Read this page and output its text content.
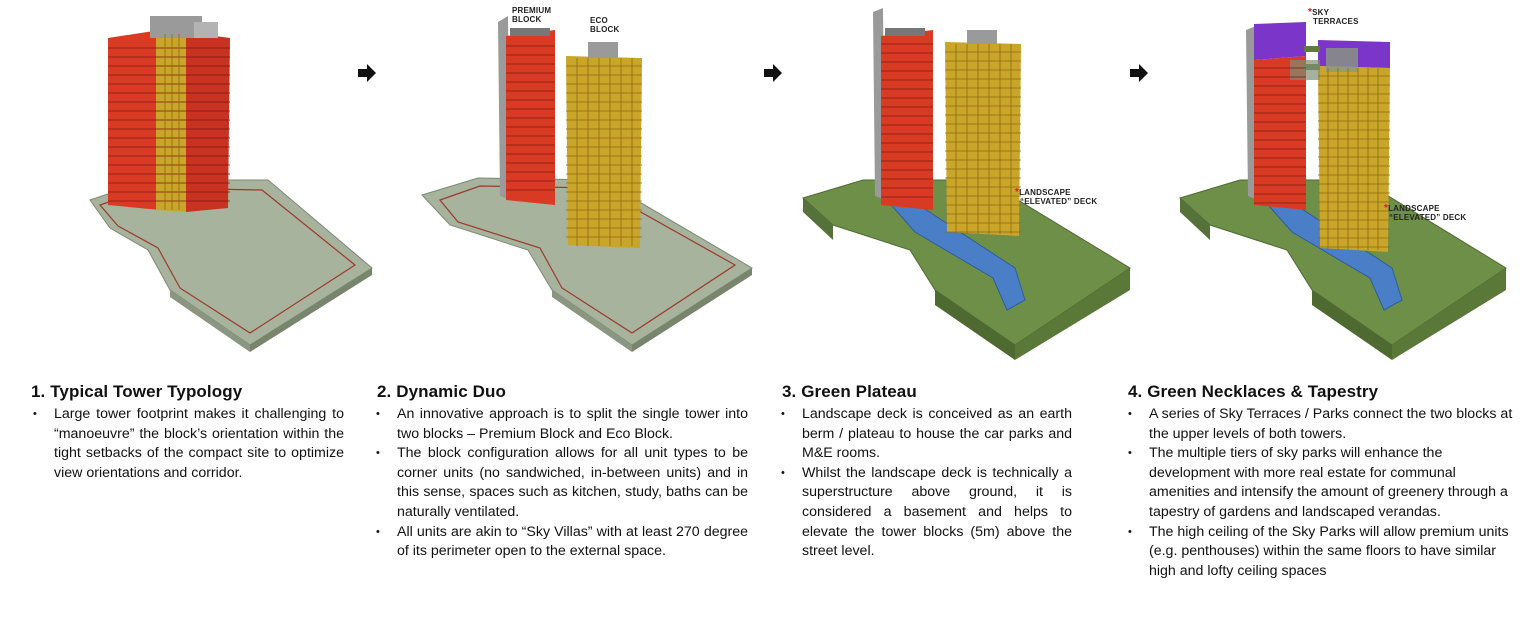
1. Typical Tower Typology
• Large tower footprint makes it challenging to “manoeuvre” the block’s orientation within the tight setbacks of the compact site to optimize view orientations and corridor.
PREMIUM
BLOCK	ECO
BLOCK
2. Dynamic Duo
• An innovative approach is to split the single tower into two blocks – Premium Block and Eco Block.
• The block configuration allows for all unit types to be corner units (no sandwiched, in-between units) and in this sense, spaces such as kitchen, study, baths can be naturally ventilated.
• All units are akin to “Sky Villas” with at least 270 degree of its perimeter open to the external space.
*LANDSCAPE
“ELEVATED” DECK
3. Green Plateau
• Landscape deck is conceived as an earth berm / plateau to house the car parks and M&E rooms.
• Whilst the landscape deck is technically a superstructure above ground, it is considered a basement and helps to elevate the tower blocks (5m) above the street level.
*SKY
TERRACES
*LANDSCAPE
“ELEVATED” DECK
4. Green Necklaces & Tapestry
• A series of Sky Terraces / Parks connect the two blocks at the upper levels of both towers.
• The multiple tiers of sky parks will enhance the development with more real estate for communal amenities and intensify the amount of greenery through a tapestry of gardens and landscaped verandas.
• The high ceiling of the Sky Parks will allow premium units (e.g. penthouses) within the same floors to have similar high and lofty ceiling spaces
